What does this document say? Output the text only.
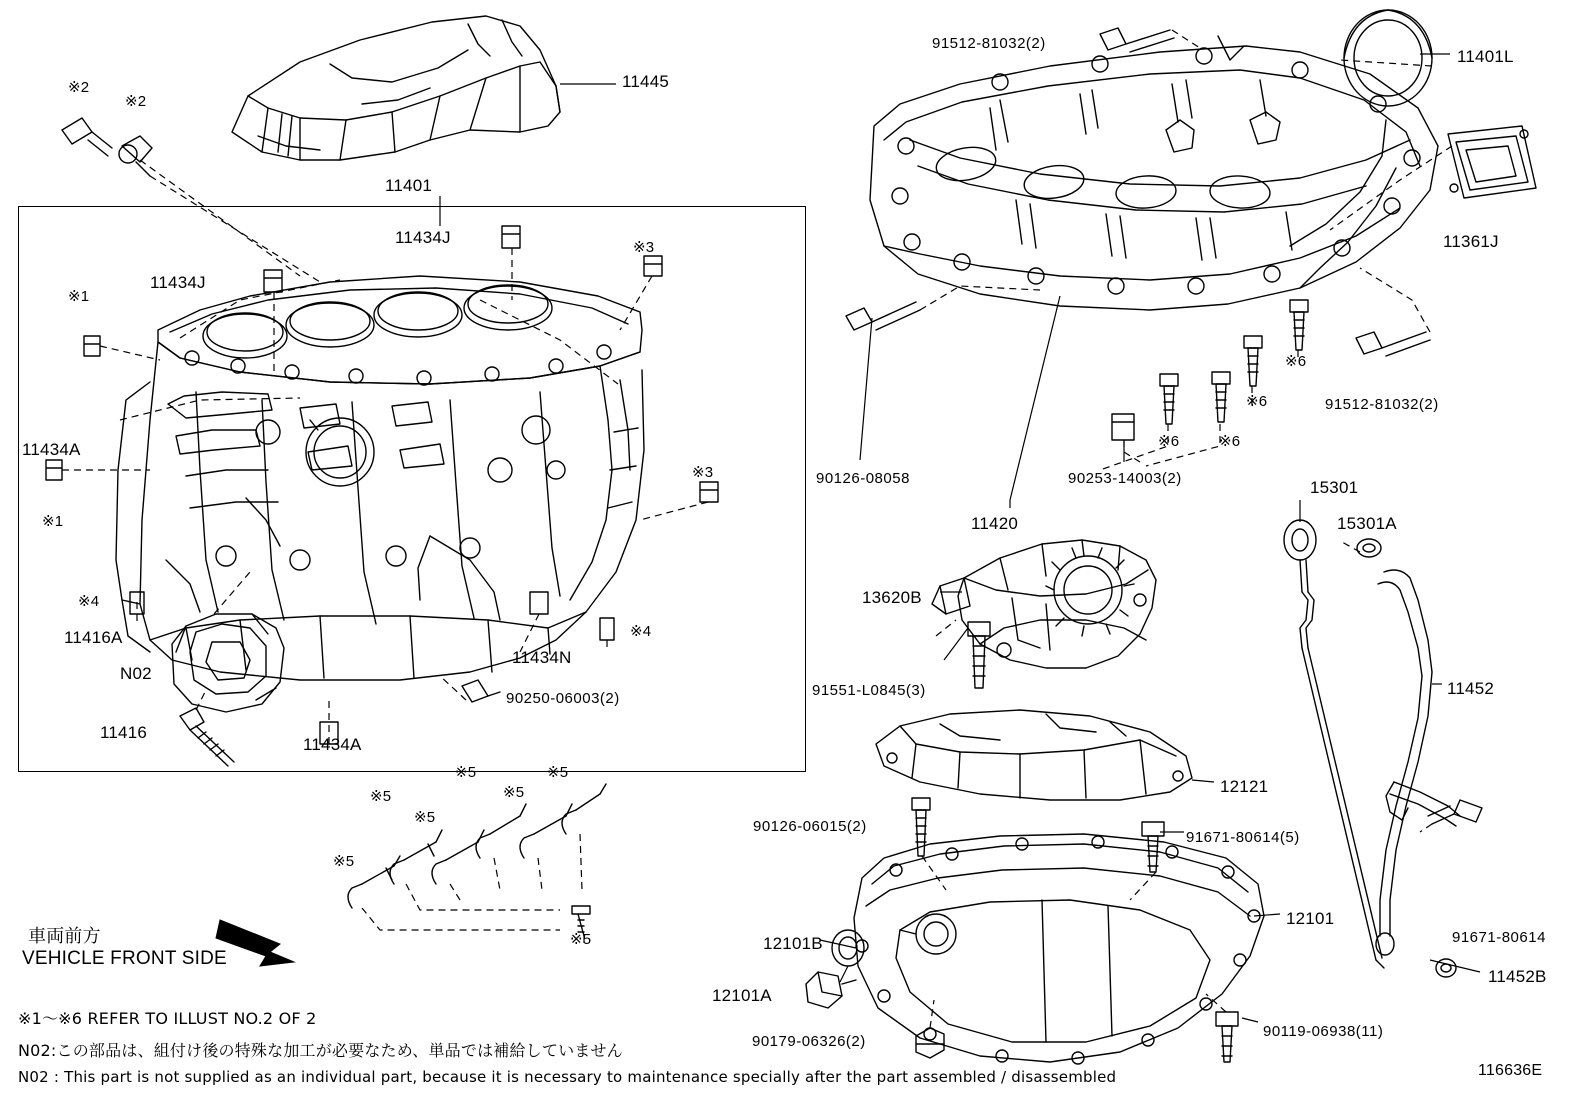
11445
11401
※2
※2
11434J
※3
11434J
※1
11434A
※1
※3
※4
※4
11416A
N02
11416
11434N
11434A
90250-06003(2)
※5
※5
※5
※5
※5
※5
※5
91512-81032(2)
11401L
11361J
※6
※6	91512-81032(2)
※6	※6
90126-08058	90253-14003(2)
11420
15301
15301A
13620B
91551-L0845(3)	11452
12121
90126-06015(2)
91671-80614(5)
91671-80614
12101
12101B
12101A
11452B
90179-06326(2)
90119-06938(11)
車両前方
VEHICLE FRONT SIDE
※1～※6 REFER TO ILLUST NO.2 OF 2
N02:この部品は、組付け後の特殊な加工が必要なため、単品では補給していません
N02 : This part is not supplied as an individual part, because it is necessary to maintenance specially after the part assembled / disassembled	116636E
